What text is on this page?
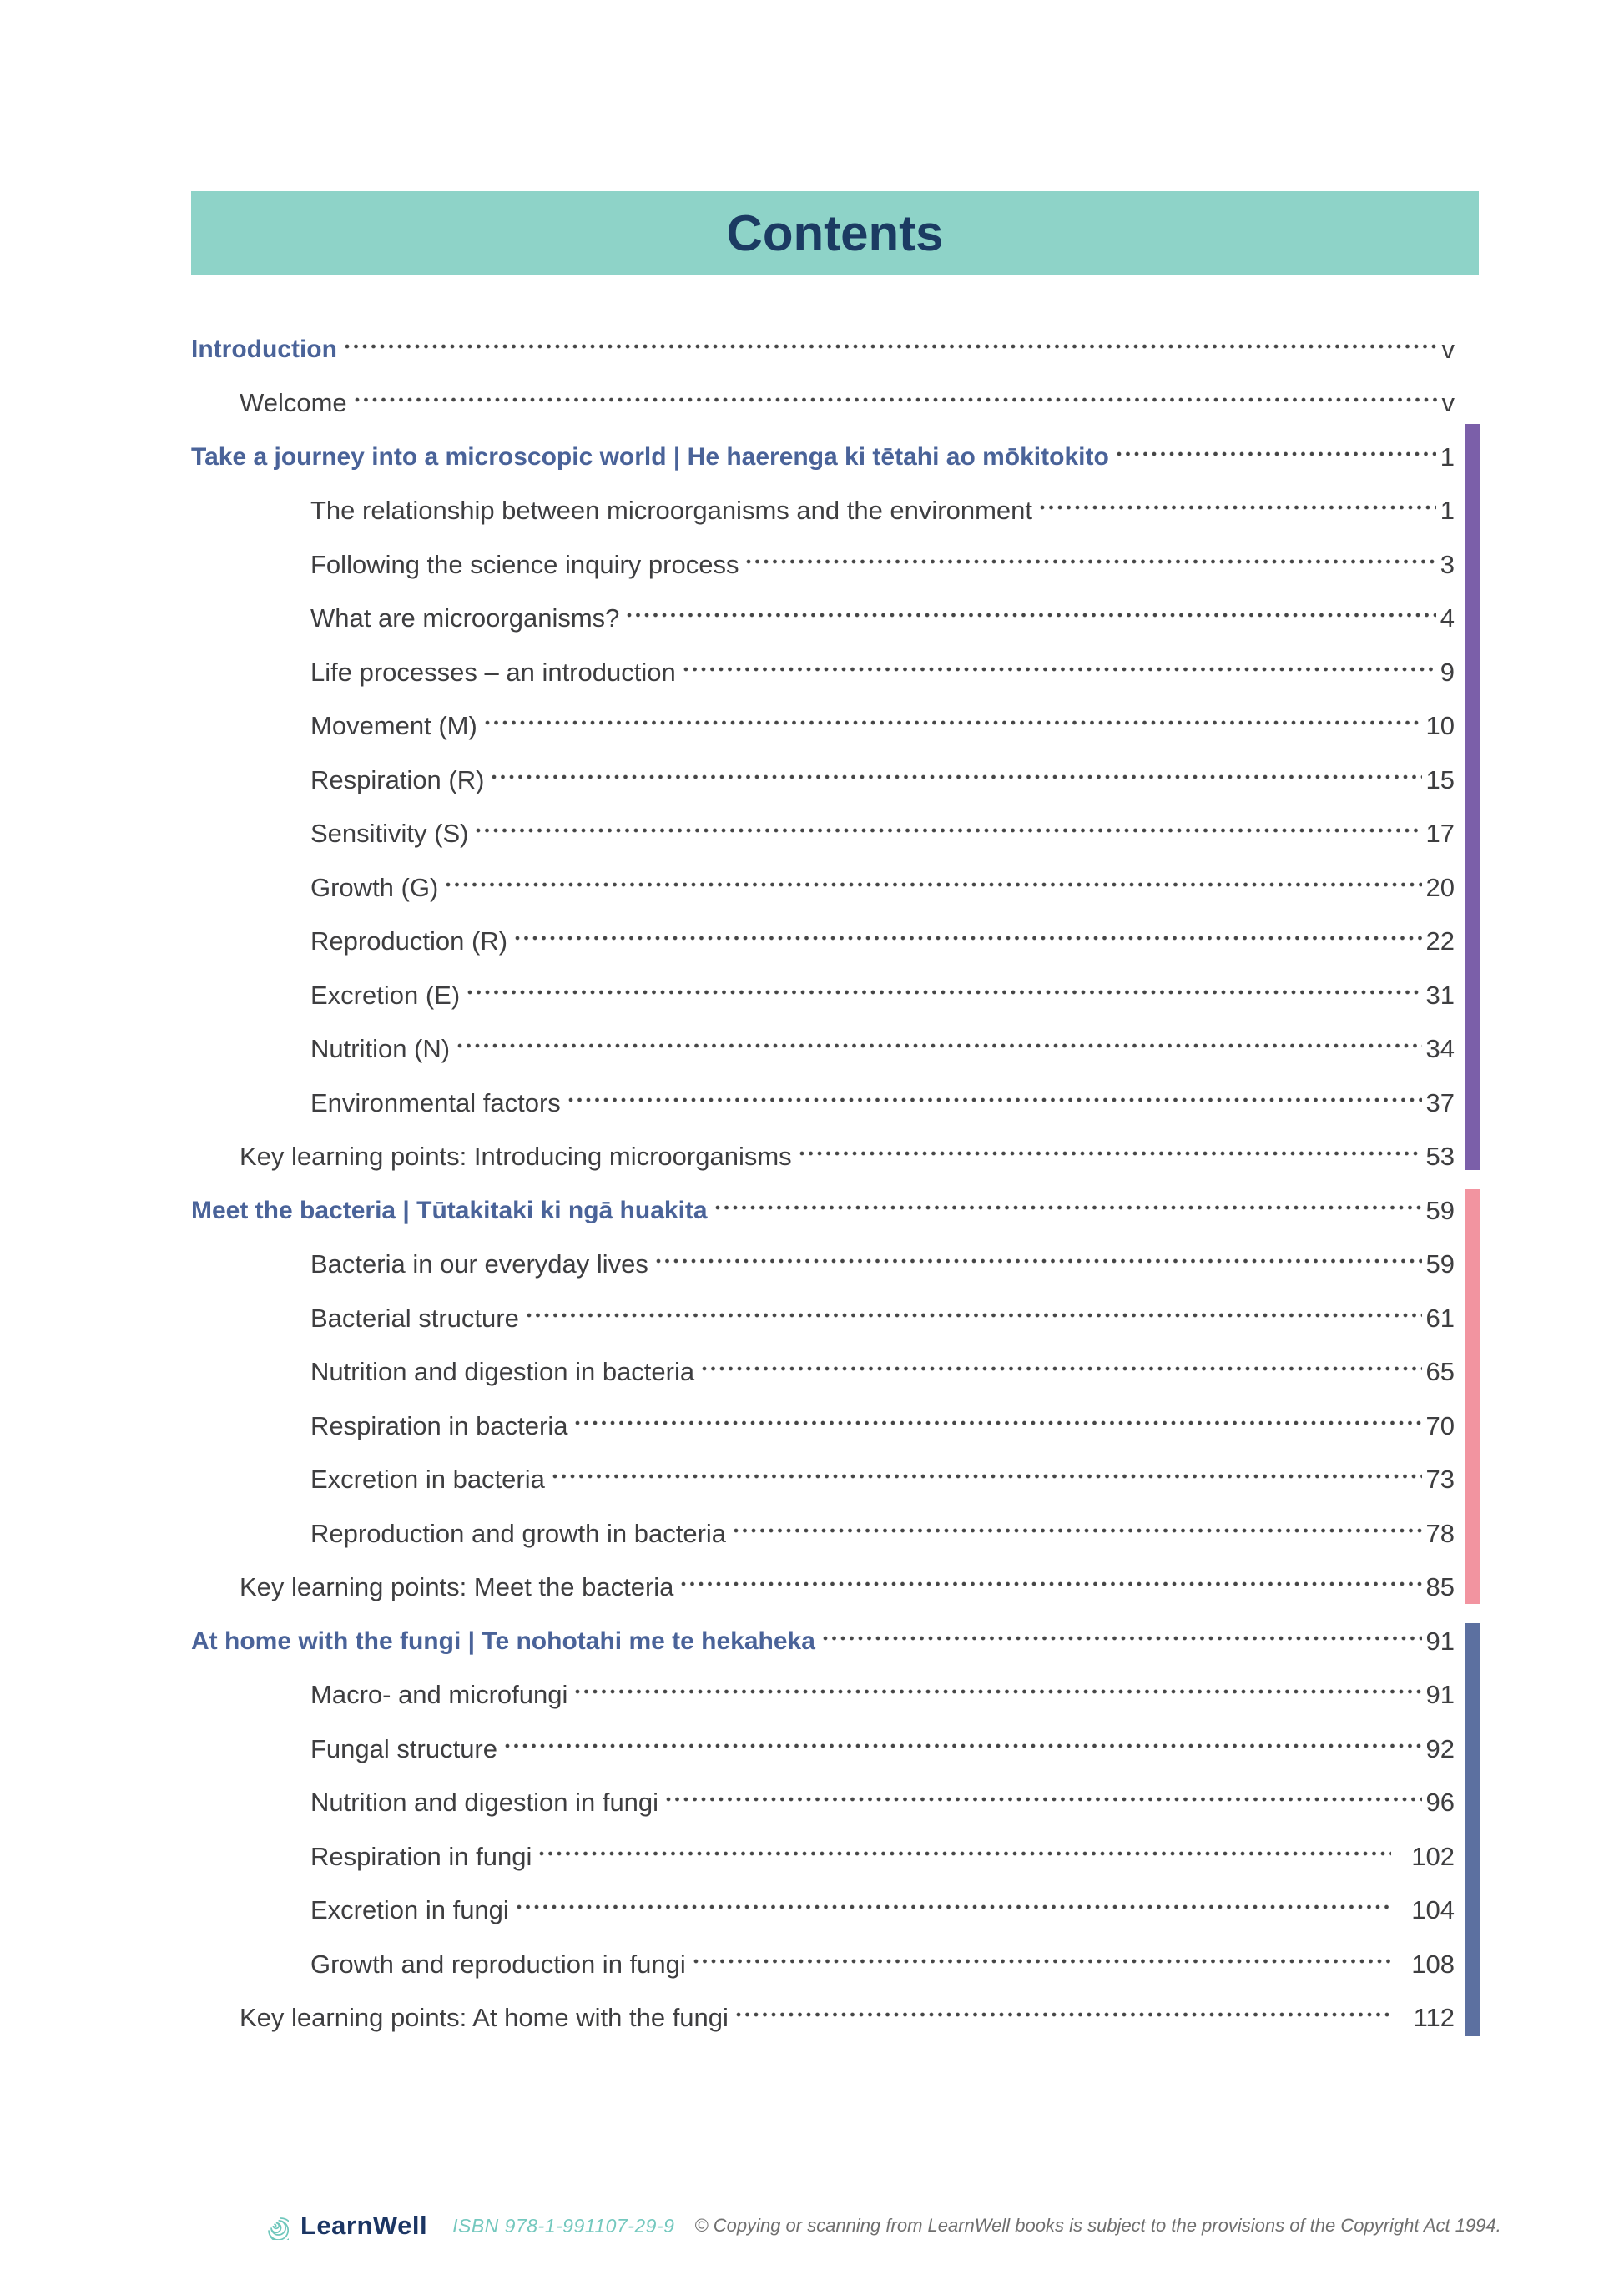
Contents
Introduction	v
Welcome	v
Take a journey into a microscopic world | He haerenga ki tētahi ao mōkitokito	1
The relationship between microorganisms and the environment	1
Following the science inquiry process	3
What are microorganisms?	4
Life processes – an introduction	9
Movement (M)	10
Respiration (R)	15
Sensitivity (S)	17
Growth (G)	20
Reproduction (R)	22
Excretion (E)	31
Nutrition (N)	34
Environmental factors	37
Key learning points: Introducing microorganisms	53
Meet the bacteria | Tūtakitaki ki ngā huakita	59
Bacteria in our everyday lives	59
Bacterial structure	61
Nutrition and digestion in bacteria	65
Respiration in bacteria	70
Excretion in bacteria	73
Reproduction and growth in bacteria	78
Key learning points: Meet the bacteria	85
At home with the fungi | Te nohotahi me te hekaheka	91
Macro- and microfungi	91
Fungal structure	92
Nutrition and digestion in fungi	96
Respiration in fungi	102
Excretion in fungi	104
Growth and reproduction in fungi	108
Key learning points: At home with the fungi	112
LearnWell ISBN 978-1-991107-29-9 © Copying or scanning from LearnWell books is subject to the provisions of the Copyright Act 1994.
